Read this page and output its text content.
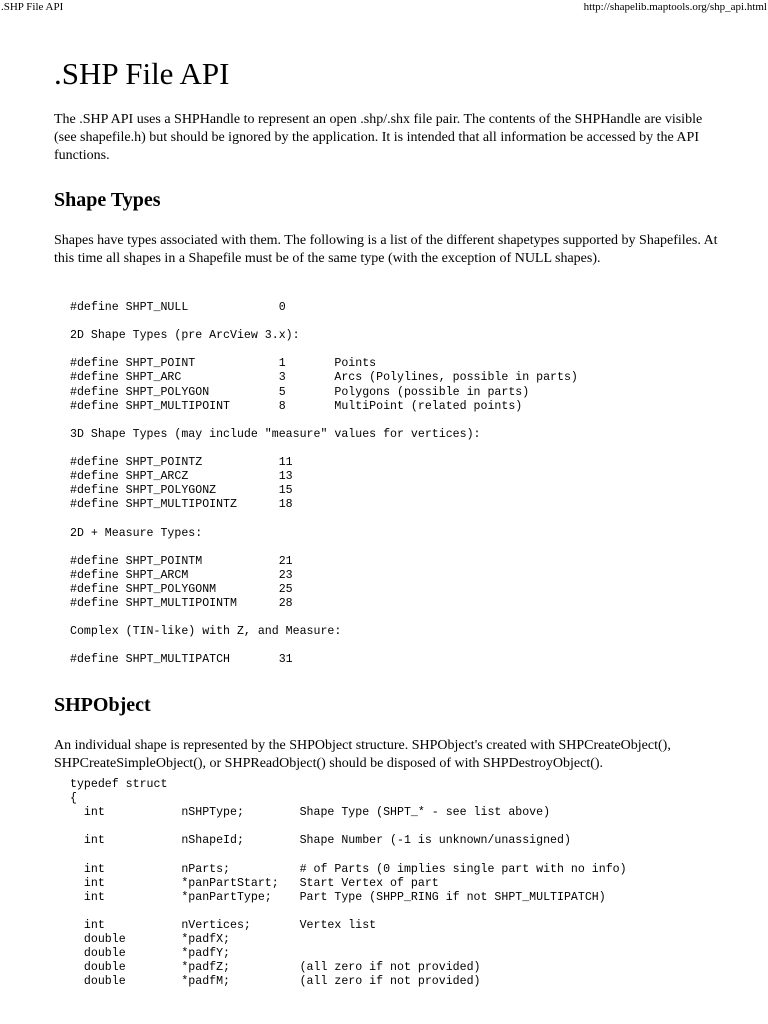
.SHP File API	http://shapelib.maptools.org/shp_api.html
.SHP File API

The .SHP API uses a SHPHandle to represent an open .shp/.shx file pair. The contents of the SHPHandle are visible (see shapefile.h) but should be ignored by the application. It is intended that all information be accessed by the API functions.

Shape Types

Shapes have types associated with them. The following is a list of the different shapetypes supported by Shapefiles. At this time all shapes in a Shapefile must be of the same type (with the exception of NULL shapes).

#define SHPT_NULL             0

2D Shape Types (pre ArcView 3.x):

#define SHPT_POINT            1       Points
#define SHPT_ARC              3       Arcs (Polylines, possible in parts)
#define SHPT_POLYGON          5       Polygons (possible in parts)
#define SHPT_MULTIPOINT       8       MultiPoint (related points)

3D Shape Types (may include "measure" values for vertices):

#define SHPT_POINTZ           11
#define SHPT_ARCZ             13
#define SHPT_POLYGONZ         15
#define SHPT_MULTIPOINTZ      18

2D + Measure Types:

#define SHPT_POINTM           21
#define SHPT_ARCM             23
#define SHPT_POLYGONM         25
#define SHPT_MULTIPOINTM      28

Complex (TIN-like) with Z, and Measure:

#define SHPT_MULTIPATCH       31
SHPObject

An individual shape is represented by the SHPObject structure. SHPObject's created with SHPCreateObject(), SHPCreateSimpleObject(), or SHPReadObject() should be disposed of with SHPDestroyObject().

typedef struct
{
int           nSHPType;        Shape Type (SHPT_* - see list above)

int           nShapeId;        Shape Number (-1 is unknown/unassigned)

int           nParts;          # of Parts (0 implies single part with no info)
int           *panPartStart;   Start Vertex of part
int           *panPartType;    Part Type (SHPP_RING if not SHPT_MULTIPATCH)

int           nVertices;       Vertex list
double        *padfX;
double        *padfY;
double        *padfZ;          (all zero if not provided)
double        *padfM;          (all zero if not provided)
